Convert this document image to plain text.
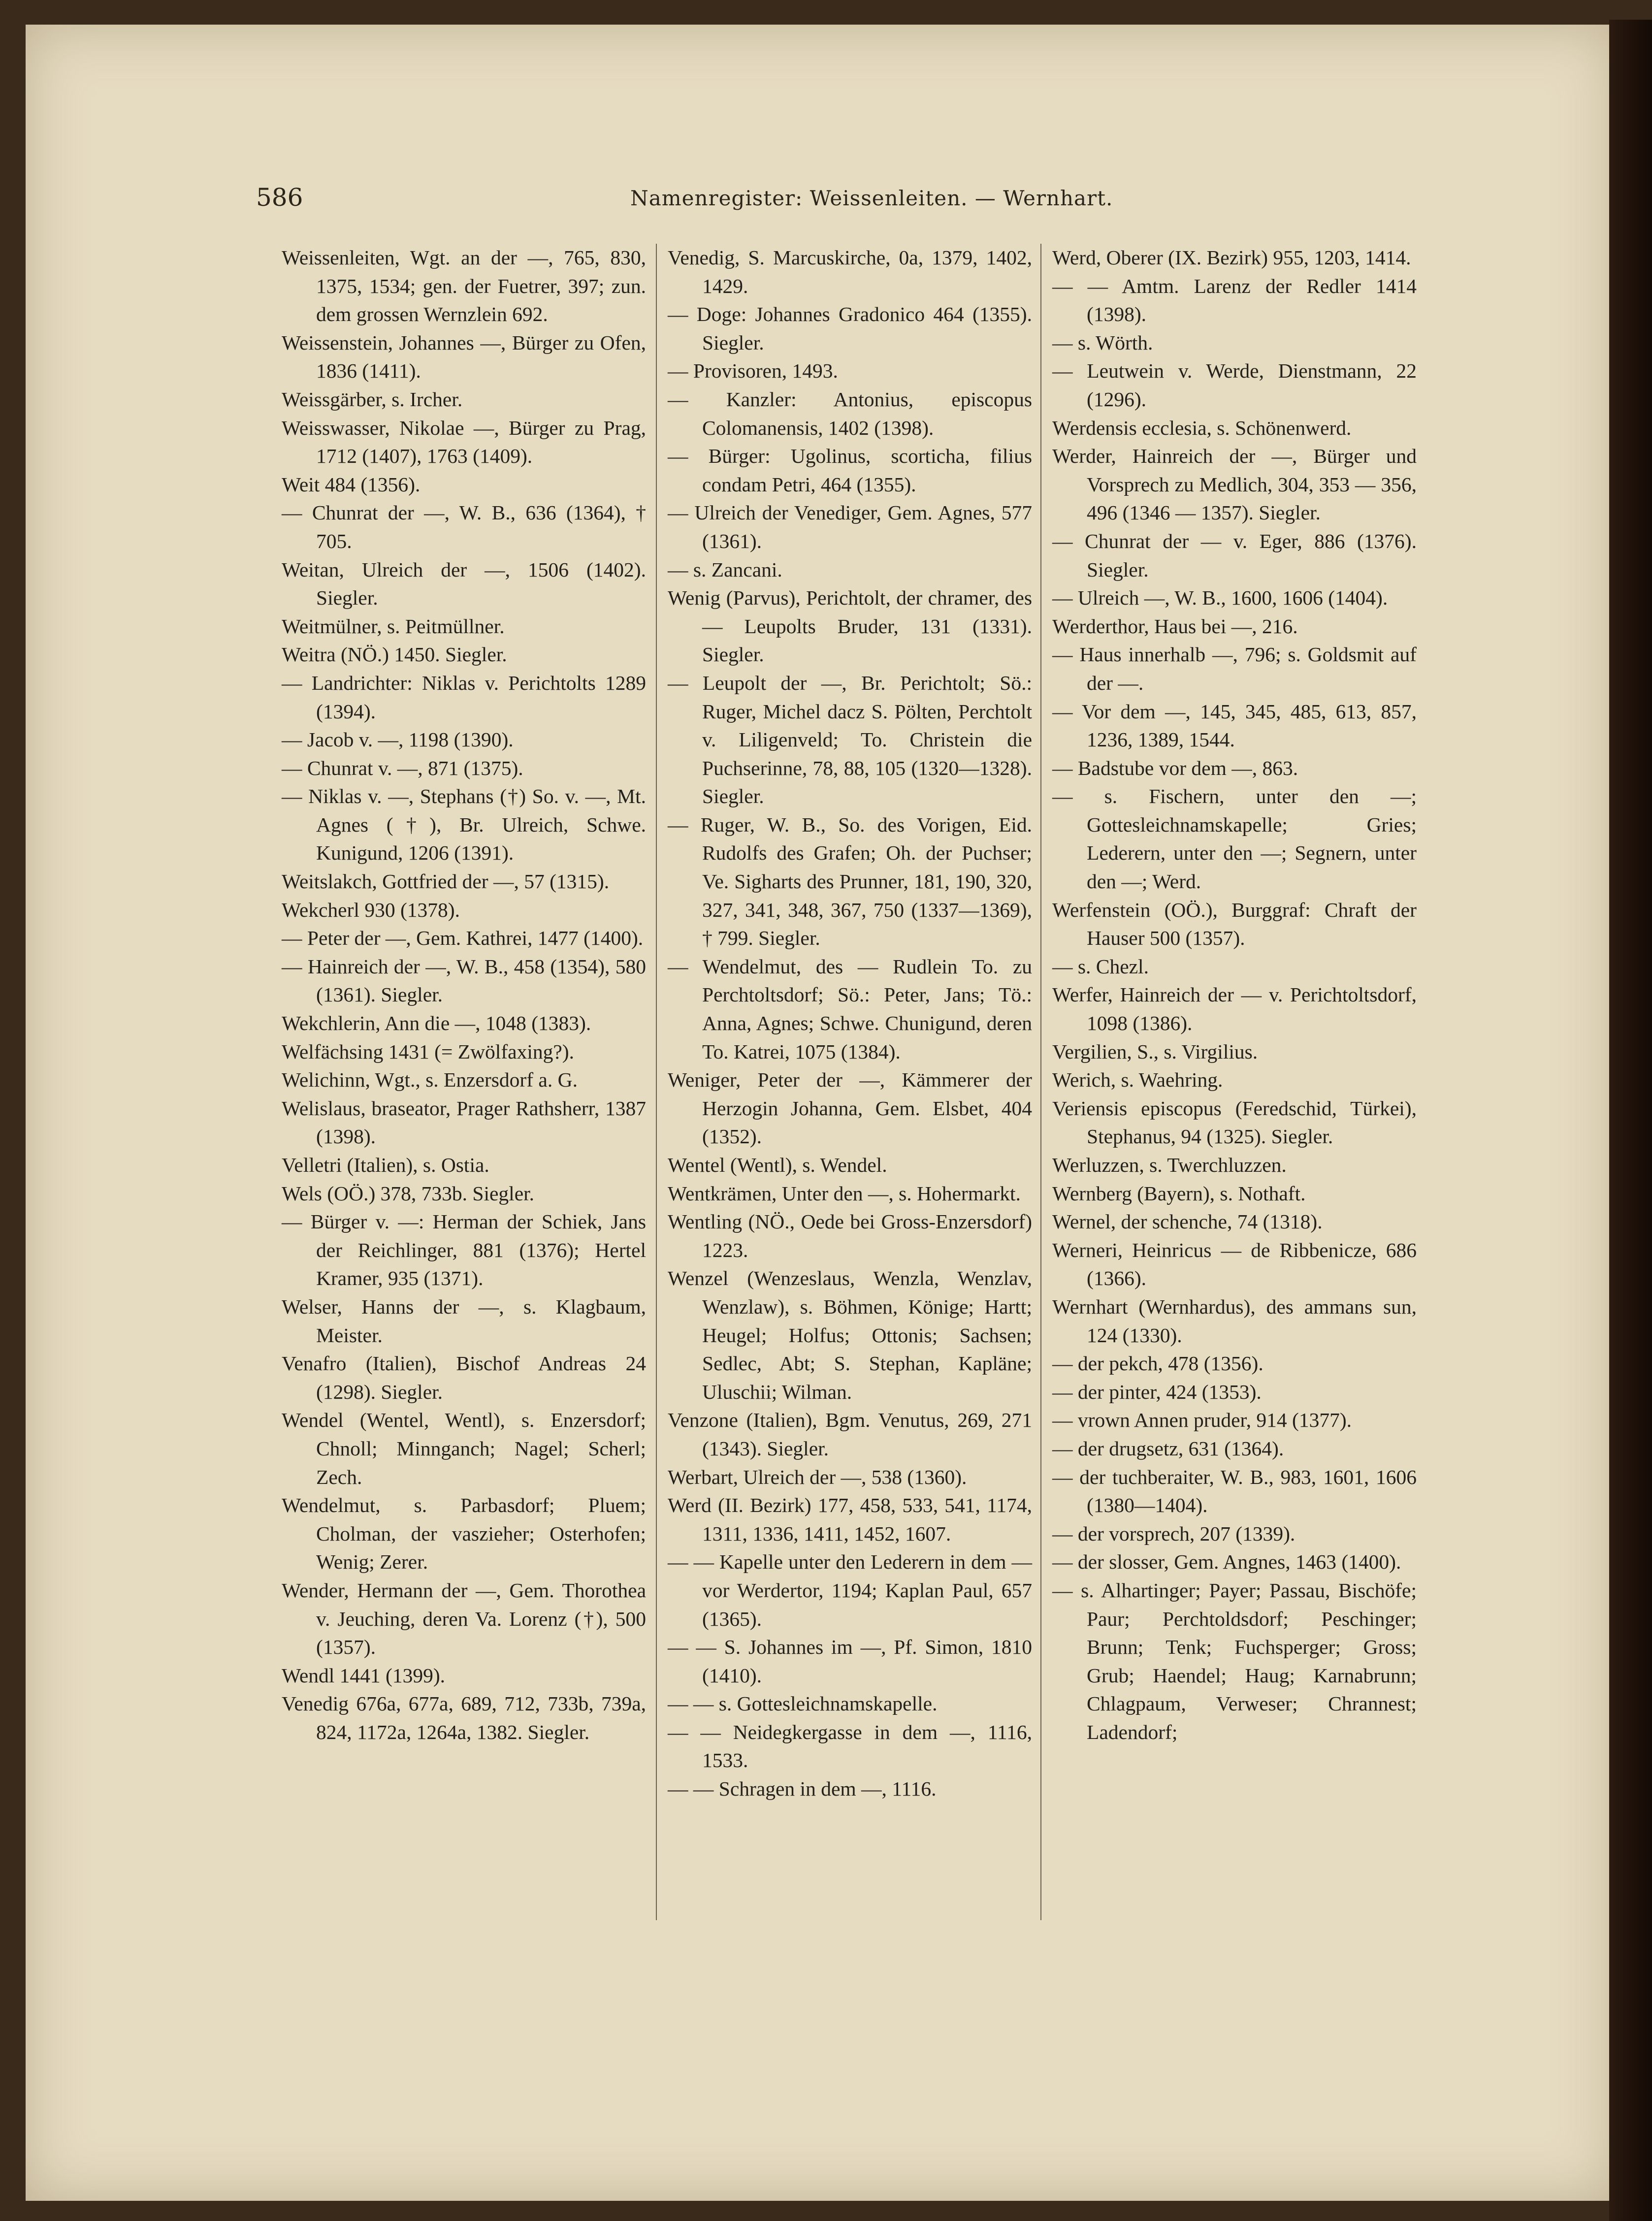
586	Namenregister: Weissenleiten. — Wernhart.
Weissenleiten, Wgt. an der —, 765, 830, 1375, 1534; gen. der Fuetrer, 397; zun. dem grossen Wernzlein 692.
Weissenstein, Johannes —, Bürger zu Ofen, 1836 (1411).
Weissgärber, s. Ircher.
Weisswasser, Nikolae —, Bürger zu Prag, 1712 (1407), 1763 (1409).
Weit 484 (1356).
— Chunrat der —, W. B., 636 (1364), † 705.
Weitan, Ulreich der —, 1506 (1402). Siegler.
Weitmülner, s. Peitmüllner.
Weitra (NÖ.) 1450. Siegler.
— Landrichter: Niklas v. Perichtolts 1289 (1394).
— Jacob v. —, 1198 (1390).
— Chunrat v. —, 871 (1375).
— Niklas v. —, Stephans (†) So. v. —, Mt. Agnes (†), Br. Ulreich, Schwe. Kunigund, 1206 (1391).
Weitslakch, Gottfried der —, 57 (1315).
Wekcherl 930 (1378).
— Peter der —, Gem. Kathrei, 1477 (1400).
— Hainreich der —, W. B., 458 (1354), 580 (1361). Siegler.
Wekchlerin, Ann die —, 1048 (1383).
Welfächsing 1431 (= Zwölfaxing?).
Welichinn, Wgt., s. Enzersdorf a. G.
Welislaus, braseator, Prager Rathsherr, 1387 (1398).
Velletri (Italien), s. Ostia.
Wels (OÖ.) 378, 733b. Siegler.
— Bürger v. —: Herman der Schiek, Jans der Reichlinger, 881 (1376); Hertel Kramer, 935 (1371).
Welser, Hanns der —, s. Klagbaum, Meister.
Venafro (Italien), Bischof Andreas 24 (1298). Siegler.
Wendel (Wentel, Wentl), s. Enzersdorf; Chnoll; Minnganch; Nagel; Scherl; Zech.
Wendelmut, s. Parbasdorf; Pluem; Cholman, der vaszieher; Osterhofen; Wenig; Zerer.
Wender, Hermann der —, Gem. Thorothea v. Jeuching, deren Va. Lorenz (†), 500 (1357).
Wendl 1441 (1399).
Venedig 676a, 677a, 689, 712, 733b, 739a, 824, 1172a, 1264a, 1382. Siegler.
Venedig, S. Marcuskirche, 0a, 1379, 1402, 1429.
— Doge: Johannes Gradonico 464 (1355). Siegler.
— Provisoren, 1493.
— Kanzler: Antonius, episcopus Colomanensis, 1402 (1398).
— Bürger: Ugolinus, scorticha, filius condam Petri, 464 (1355).
— Ulreich der Venediger, Gem. Agnes, 577 (1361).
— s. Zancani.
Wenig (Parvus), Perichtolt, der chramer, des — Leupolts Bruder, 131 (1331). Siegler.
— Leupolt der —, Br. Perichtolt; Sö.: Ruger, Michel dacz S. Pölten, Perchtolt v. Liligenveld; To. Christein die Puchserinne, 78, 88, 105 (1320—1328). Siegler.
— Ruger, W. B., So. des Vorigen, Eid. Rudolfs des Grafen; Oh. der Puchser; Ve. Sigharts des Prunner, 181, 190, 320, 327, 341, 348, 367, 750 (1337—1369), † 799. Siegler.
— Wendelmut, des — Rudlein To. zu Perchtoltsdorf; Sö.: Peter, Jans; Tö.: Anna, Agnes; Schwe. Chunigund, deren To. Katrei, 1075 (1384).
Weniger, Peter der —, Kämmerer der Herzogin Johanna, Gem. Elsbet, 404 (1352).
Wentel (Wentl), s. Wendel.
Wentkrämen, Unter den —, s. Hohermarkt.
Wentling (NÖ., Oede bei Gross-Enzersdorf) 1223.
Wenzel (Wenzeslaus, Wenzla, Wenzlav, Wenzlaw), s. Böhmen, Könige; Hartt; Heugel; Holfus; Ottonis; Sachsen; Sedlec, Abt; S. Stephan, Kapläne; Uluschii; Wilman.
Venzone (Italien), Bgm. Venutus, 269, 271 (1343). Siegler.
Werbart, Ulreich der —, 538 (1360).
Werd (II. Bezirk) 177, 458, 533, 541, 1174, 1311, 1336, 1411, 1452, 1607.
— — Kapelle unter den Lederern in dem — vor Werdertor, 1194; Kaplan Paul, 657 (1365).
— — S. Johannes im —, Pf. Simon, 1810 (1410).
— — s. Gottesleichnamskapelle.
— — Neidegkergasse in dem —, 1116, 1533.
— — Schragen in dem —, 1116.
Werd, Oberer (IX. Bezirk) 955, 1203, 1414.
— — Amtm. Larenz der Redler 1414 (1398).
— s. Wörth.
— Leutwein v. Werde, Dienstmann, 22 (1296).
Werdensis ecclesia, s. Schönenwerd.
Werder, Hainreich der —, Bürger und Vorsprech zu Medlich, 304, 353 — 356, 496 (1346 — 1357). Siegler.
— Chunrat der — v. Eger, 886 (1376). Siegler.
— Ulreich —, W. B., 1600, 1606 (1404).
Werderthor, Haus bei —, 216.
— Haus innerhalb —, 796; s. Goldsmit auf der —.
— Vor dem —, 145, 345, 485, 613, 857, 1236, 1389, 1544.
— Badstube vor dem —, 863.
— s. Fischern, unter den —; Gottesleichnamskapelle; Gries; Lederern, unter den —; Segnern, unter den —; Werd.
Werfenstein (OÖ.), Burggraf: Chraft der Hauser 500 (1357).
— s. Chezl.
Werfer, Hainreich der — v. Perichtoltsdorf, 1098 (1386).
Vergilien, S., s. Virgilius.
Werich, s. Waehring.
Veriensis episcopus (Feredschid, Türkei), Stephanus, 94 (1325). Siegler.
Werluzzen, s. Twerchluzzen.
Wernberg (Bayern), s. Nothaft.
Wernel, der schenche, 74 (1318).
Werneri, Heinricus — de Ribbenicze, 686 (1366).
Wernhart (Wernhardus), des ammans sun, 124 (1330).
— der pekch, 478 (1356).
— der pinter, 424 (1353).
— vrown Annen pruder, 914 (1377).
— der drugsetz, 631 (1364).
— der tuchberaiter, W. B., 983, 1601, 1606 (1380—1404).
— der vorsprech, 207 (1339).
— der slosser, Gem. Angnes, 1463 (1400).
— s. Alhartinger; Payer; Passau, Bischöfe; Paur; Perchtoldsdorf; Peschinger; Brunn; Tenk; Fuchsperger; Gross; Grub; Haendel; Haug; Karnabrunn; Chlagpaum, Verweser; Chrannest; Ladendorf;
